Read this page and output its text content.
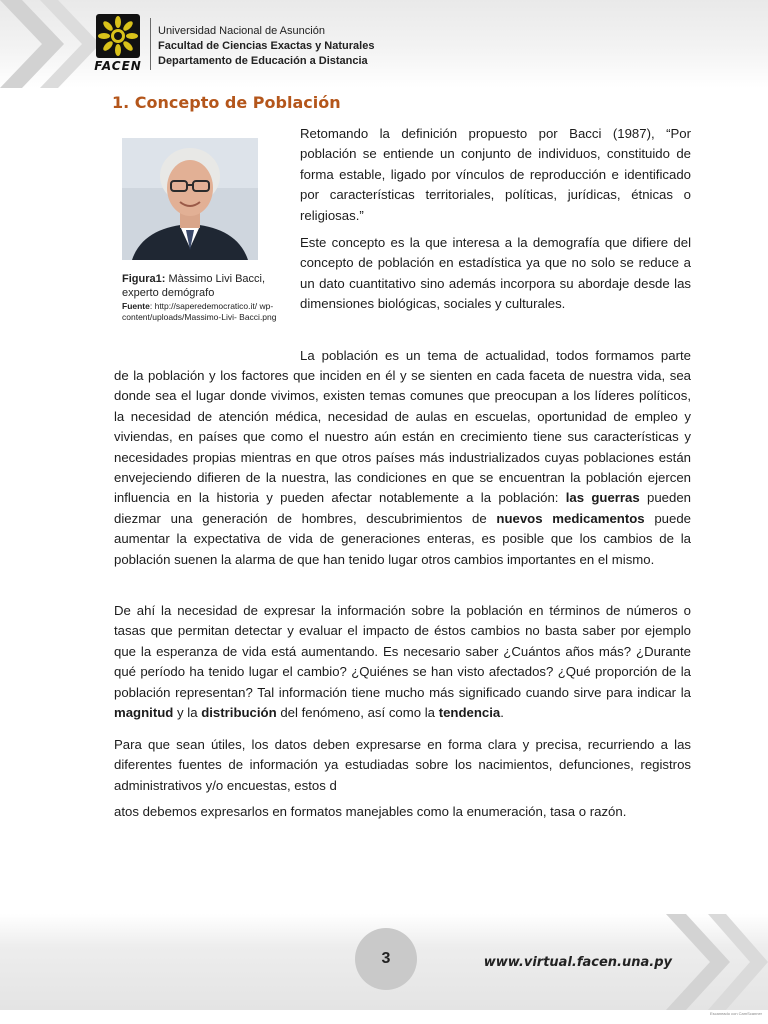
FACEN
Universidad Nacional de Asunción
Facultad de Ciencias Exactas y Naturales
Departamento de Educación a Distancia
1. Concepto de Población
Figura1: Màssimo Livi Bacci, experto demógrafo
Fuente: http://saperedemocratico.it/ wp- content/uploads/Massimo-Livi- Bacci.png

Retomando la definición propuesto por Bacci (1987), “Por población se entiende un conjunto de individuos, constituido de forma estable, ligado por vínculos de reproducción e identificado por características territoriales, políticas, jurídicas, étnicas o religiosas.”

Este concepto es la que interesa a la demografía que difiere del concepto de población en estadística ya que no solo se reduce a un dato cuantitativo sino además incorpora su abordaje desde las dimensiones biológicas, sociales y culturales.

La población es un tema de actualidad, todos formamos parte

de la población y los factores que inciden en él y se sienten en cada faceta de nuestra vida, sea donde sea el lugar donde vivimos, existen temas comunes que preocupan a los líderes políticos, la necesidad de atención médica, necesidad de aulas en escuelas, oportunidad de empleo y viviendas, en países que como el nuestro aún están en crecimiento tiene sus características y necesidades propias mientras en que otros países más industrializados cuyas poblaciones están envejeciendo difieren de la nuestra, las condiciones en que se encuentran la población ejercen influencia en la historia y pueden afectar notablemente a la población: las guerras pueden diezmar una generación de hombres, descubrimientos de nuevos medicamentos puede aumentar la expectativa de vida de generaciones enteras, es posible que los cambios de la población suenen la alarma de que han tenido lugar otros cambios importantes en el mismo.

De ahí la necesidad de expresar la información sobre la población en términos de números o tasas que permitan detectar y evaluar el impacto de éstos cambios no basta saber por ejemplo que la esperanza de vida está aumentando. Es necesario saber ¿Cuántos años más? ¿Durante qué período ha tenido lugar el cambio? ¿Quiénes se han visto afectados? ¿Qué proporción de la población representan? Tal información tiene mucho más significado cuando sirve para indicar la magnitud y la distribución del fenómeno, así como la tendencia.

Para que sean útiles, los datos deben expresarse en forma clara y precisa, recurriendo a las diferentes fuentes de información ya estudiadas sobre los nacimientos, defunciones, registros administrativos y/o encuestas, estos d

atos debemos expresarlos en formatos manejables como la enumeración, tasa o razón.

3	www.virtual.facen.una.py
Escaneado con CamScanner
